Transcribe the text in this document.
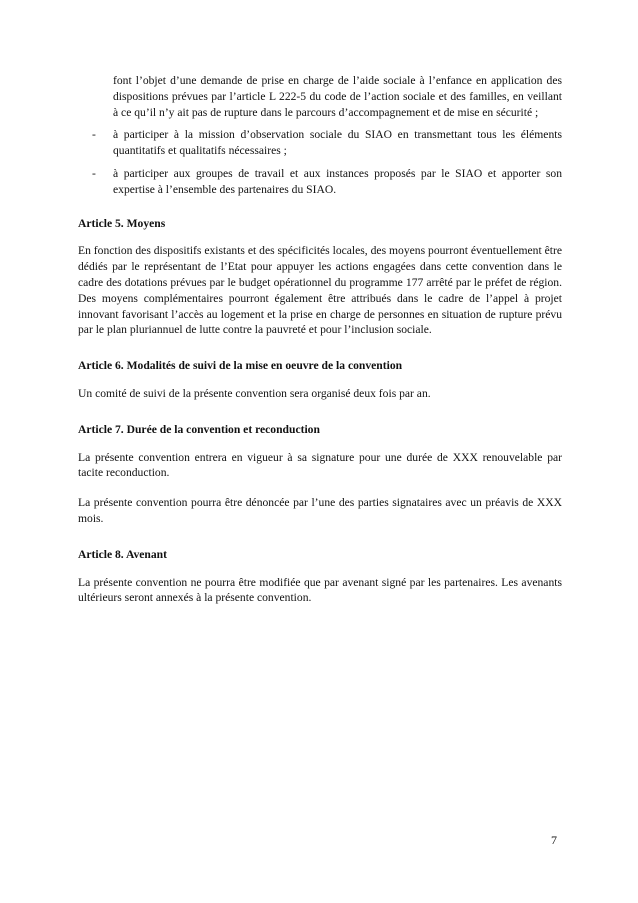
font l’objet d’une demande de prise en charge de l’aide sociale à l’enfance en application des dispositions prévues par l’article L 222-5 du code de l’action sociale et des familles, en veillant à ce qu’il n’y ait pas de rupture dans le parcours d’accompagnement et de mise en sécurité ;
-	à participer à la mission d’observation sociale du SIAO en transmettant tous les éléments quantitatifs et qualitatifs nécessaires ;
-	à participer aux groupes de travail et aux instances proposés par le SIAO et apporter son expertise à l’ensemble des partenaires du SIAO.
Article 5. Moyens
En fonction des dispositifs existants et des spécificités locales, des moyens pourront éventuellement être dédiés par le représentant de l’Etat pour appuyer les actions engagées dans cette convention dans le cadre des dotations prévues par le budget opérationnel du programme 177 arrêté par le préfet de région. Des moyens complémentaires pourront également être attribués dans le cadre de l’appel à projet innovant favorisant l’accès au logement et la prise en charge de personnes en situation de rupture prévu par le plan pluriannuel de lutte contre la pauvreté et pour l’inclusion sociale.
Article 6. Modalités de suivi de la mise en oeuvre de la convention
Un comité de suivi de la présente convention sera organisé deux fois par an.
Article 7. Durée de la convention et reconduction
La présente convention entrera en vigueur à sa signature pour une durée de XXX renouvelable par tacite reconduction.
La présente convention pourra être dénoncée par l’une des parties signataires avec un préavis de XXX mois.
Article 8. Avenant
La présente convention ne pourra être modifiée que par avenant signé par les partenaires. Les avenants ultérieurs seront annexés à la présente convention.
7
